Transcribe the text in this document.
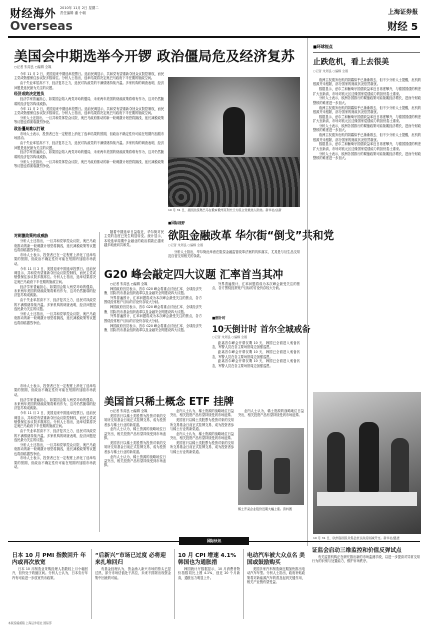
财经海外
Overseas
2010年 11月 2日 星期二
责任编辑 潘 小朝	上海证券报
财经 5
美国会中期选举今开锣 政治僵局危及经济复苏
○记者 朱周良 ○编辑 全媒

今年 11 月 2 日，美国迎来中期选举投票日。选前民调显示，共和党有望重新夺回众议院控制权，而民主党或勉强保住参议院多数席位。分析人士指出，选举结果将决定奥巴马政府下半任期的施政空间。

由于失业率居高不下、经济复苏乏力，选民对执政党的不满情绪持续升温。多家机构的调查表明，经济问题是选民最为关注的议题。

经济成败决定胜负

经济学家普遍担心，如果国会陷入两党对峙的僵局，未来两年美国的财政政策将难有作为，这对仍然脆弱的经济复苏构成威胁。

今年 11 月 2 日，美国迎来中期选举投票日。选前民调显示，共和党有望重新夺回众议院控制权，而民主党或勉强保住参议院多数席位。分析人士指出，选举结果将决定奥巴马政府下半任期的施政空间。

分析人士还指出，一旦共和党掌控众议院，奥巴马政府推动的新一轮刺激计划恐将搁浅，延长减税政策等议题也将面临激烈争论。

政治僵局难以打破

市场人士表示，投资者已在一定程度上消化了选举结果的预期，但政治不确定性仍可能在短期内加剧市场波动。

由于失业率居高不下、经济复苏乏力，选民对执政党的不满情绪持续升温。多家机构的调查表明，经济问题是选民最为关注的议题。

经济学家普遍担心，如果国会陷入两党对峙的僵局，未来两年美国的财政政策将难有作为，这对仍然脆弱的经济复苏构成威胁。

分析人士还指出，一旦共和党掌控众议院，奥巴马政府推动的新一轮刺激计划恐将搁浅，延长减税政策等议题也将面临激烈争论。

对刺激政策构成威胁

分析人士还指出，一旦共和党掌控众议院，奥巴马政府推动的新一轮刺激计划恐将搁浅，延长减税政策等议题也将面临激烈争论。

市场人士表示，投资者已在一定程度上消化了选举结果的预期，但政治不确定性仍可能在短期内加剧市场波动。

今年 11 月 2 日，美国迎来中期选举投票日。选前民调显示，共和党有望重新夺回众议院控制权，而民主党或勉强保住参议院多数席位。分析人士指出，选举结果将决定奥巴马政府下半任期的施政空间。

经济学家普遍担心，如果国会陷入两党对峙的僵局，未来两年美国的财政政策将难有作为，这对仍然脆弱的经济复苏构成威胁。

由于失业率居高不下、经济复苏乏力，选民对执政党的不满情绪持续升温。多家机构的调查表明，经济问题是选民最为关注的议题。

分析人士还指出，一旦共和党掌控众议院，奥巴马政府推动的新一轮刺激计划恐将搁浅，延长减税政策等议题也将面临激烈争论。

市场人士表示，投资者已在一定程度上消化了选举结果的预期，但政治不确定性仍可能在短期内加剧市场波动。

经济学家普遍担心，如果国会陷入两党对峙的僵局，未来两年美国的财政政策将难有作为，这对仍然脆弱的经济复苏构成威胁。

今年 11 月 2 日，美国迎来中期选举投票日。选前民调显示，共和党有望重新夺回众议院控制权，而民主党或勉强保住参议院多数席位。分析人士指出，选举结果将决定奥巴马政府下半任期的施政空间。

由于失业率居高不下、经济复苏乏力，选民对执政党的不满情绪持续升温。多家机构的调查表明，经济问题是选民最为关注的议题。

分析人士还指出，一旦共和党掌控众议院，奥巴马政府推动的新一轮刺激计划恐将搁浅，延长减税政策等议题也将面临激烈争论。

市场人士表示，投资者已在一定程度上消化了选举结果的预期，但政治不确定性仍可能在短期内加剧市场波动。

10 月 31 日，美国总统奥巴马在俄亥俄州克利夫兰为民主党候选人助选。新华社/法新
■国际视野
欲阻金融改革 华尔街“倒戈”共和党
○记者 朱周良 ○编辑 全媒

随着中期选举日益临近，华尔街对民主党的态度已发生明显转变。统计显示，本轮选举周期中金融业的政治捐款正越来越多地流向共和党。

分析人士指出，华尔街此举意在阻挠金融监管改革法案的具体落实，尤其是与衍生品交易及自营交易相关的条款。

G20 峰会敲定四大议题 汇率首当其冲

○记者 朱周良 ○编辑 全媒

韩国政府官员表示，首尔 G20 峰会将重点讨论汇率、全球经济失衡、国际货币基金组织改革以及金融安全网建设四大议题。

外界普遍预计，汇率问题将成为本次峰会最受关注的焦点，各方围绕经常账户目标的讨论仍存较大分歧。

韩国政府官员表示，首尔 G20 峰会将重点讨论汇率、全球经济失衡、国际货币基金组织改革以及金融安全网建设四大议题。

外界普遍预计，汇率问题将成为本次峰会最受关注的焦点，各方围绕经常账户目标的讨论仍存较大分歧。

韩国政府官员表示，首尔 G20 峰会将重点讨论汇率、全球经济失衡、国际货币基金组织改革以及金融安全网建设四大议题。

外界普遍预计，汇率问题将成为本次峰会最受关注的焦点，各方围绕经常账户目标的讨论仍存较大分歧。

■倒计时
10天倒计时 首尔全城戒备
○记者 朱周良 ○编辑 全媒

距离首尔峰会开幕仅剩 10 天，韩国已全面进入戒备状态，军警人员在各主要场馆周边加强巡逻。

距离首尔峰会开幕仅剩 10 天，韩国已全面进入戒备状态，军警人员在各主要场馆周边加强巡逻。

距离首尔峰会开幕仅剩 10 天，韩国已全面进入戒备状态，军警人员在各主要场馆周边加强巡逻。

美国首只稀土概念 ETF 挂牌

○记者 朱周良 ○编辑 全媒

美国首只以稀土类股票为投资对象的交易所交易基金日前正式挂牌交易，成为投资者参与稀土行业的新渠道。

业内人士认为，稀土资源的战略地位日益突出，相关投资产品有望持续受到市场追捧。

美国首只以稀土类股票为投资对象的交易所交易基金日前正式挂牌交易，成为投资者参与稀土行业的新渠道。

业内人士认为，稀土资源的战略地位日益突出，相关投资产品有望持续受到市场追捧。

业内人士认为，稀土资源的战略地位日益突出，相关投资产品有望持续受到市场追捧。

美国首只以稀土类股票为投资对象的交易所交易基金日前正式挂牌交易，成为投资者参与稀土行业的新渠道。

业内人士认为，稀土资源的战略地位日益突出，相关投资产品有望持续受到市场追捧。

美国首只以稀土类股票为投资对象的交易所交易基金日前正式挂牌交易，成为投资者参与稀土行业的新渠道。

业内人士认为，稀土资源的战略地位日益突出，相关投资产品有望持续受到市场追捧。

稀土开采企业股价近期大幅上涨。资料图
■环球视点
止跌危机，看上去很美
○记者 朱周良 ○编辑 全媒

欧洲主权债务危机的阴霾似乎已渐渐散去，但不少分析人士提醒，危机的根源并未根除，部分国家的财政状况依然堪忧。

数据显示，爱尔兰和葡萄牙国债收益率近日再度攀升，与德国国债的利差扩大至新高，市场对欧元区边缘国家偿债能力的担忧卷土重来。

分析人士表示，欧洲各国推行的紧缩政策可能拖累经济增长，进而令财政整顿的难度进一步加大。

欧洲主权债务危机的阴霾似乎已渐渐散去，但不少分析人士提醒，危机的根源并未根除，部分国家的财政状况依然堪忧。

数据显示，爱尔兰和葡萄牙国债收益率近日再度攀升，与德国国债的利差扩大至新高，市场对欧元区边缘国家偿债能力的担忧卷土重来。

分析人士表示，欧洲各国推行的紧缩政策可能拖累经济增长，进而令财政整顿的难度进一步加大。

欧洲主权债务危机的阴霾似乎已渐渐散去，但不少分析人士提醒，危机的根源并未根除，部分国家的财政状况依然堪忧。

数据显示，爱尔兰和葡萄牙国债收益率近日再度攀升，与德国国债的利差扩大至新高，市场对欧元区边缘国家偿债能力的担忧卷土重来。

分析人士表示，欧洲各国推行的紧缩政策可能拖累经济增长，进而令财政整顿的难度进一步加大。

10 月 31 日，欧洲各国民众集会抗议政府削减开支。新华社/路透
国际快讯
日本 10 月 PMI 指数回升 年内或再次放宽

日本 10 月制造业采购经理人指数较上月小幅回升，但仍处于收缩区间。分析人士认为，日本央行年内有可能进一步放宽货币政策。

“后新兴”市场已过度 必将迎来扎堆回归

有基金经理认为，资金涌入新兴市场的势头已显过热，部分市场估值处于高位，未来不排除出现资金集中回流的可能。

10 月 CPI 增速 4.1% 韩国也为通胀措

韩国统计厅数据显示，10 月消费者物价指数同比上涨 4.1%，创近 20 个月新高，通胀压力明显上升。

电动汽车被大众点名 美国或鼓励购买

美国多家汽车制造商近期加快推出电动汽车车型。分析人士指出，政府补贴政策将对新能源汽车的普及起到关键作用，相关产业链有望受益。

证监会启动三维监控和价值反弹试点

有关监管机构正在研究推出新的市场监测手段，以进一步提高对异常交易行为的识别与处置能力，维护市场秩序。

本版投稿邮箱 上海证券报社 国际部
